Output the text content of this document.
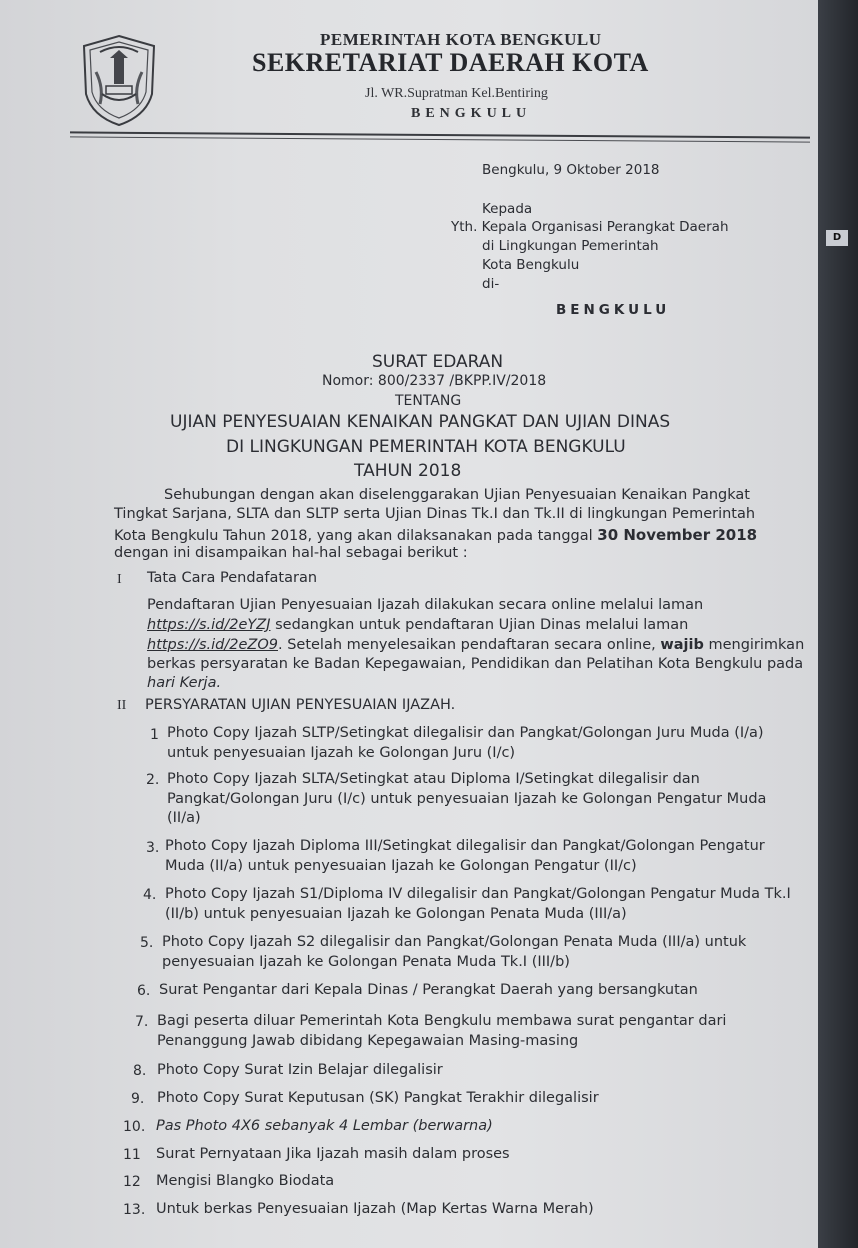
PEMERINTAH KOTA BENGKULU
SEKRETARIAT DAERAH KOTA
Jl. WR.Supratman Kel.Bentiring
BENGKULU
Bengkulu, 9 Oktober 2018
Kepada
Yth. Kepala Organisasi Perangkat Daerah
di Lingkungan Pemerintah
Kota Bengkulu
di-
BENGKULU
SURAT EDARAN
Nomor: 800/2337 /BKPP.IV/2018
TENTANG
UJIAN PENYESUAIAN KENAIKAN PANGKAT DAN UJIAN DINAS
DI LINGKUNGAN PEMERINTAH KOTA BENGKULU
TAHUN 2018
Sehubungan dengan akan diselenggarakan Ujian Penyesuaian Kenaikan Pangkat
Tingkat Sarjana, SLTA dan SLTP serta Ujian Dinas Tk.I dan Tk.II di lingkungan Pemerintah
Kota Bengkulu Tahun 2018, yang akan dilaksanakan pada tanggal 30 November 2018
dengan ini disampaikan hal-hal sebagai berikut :
I Tata Cara Pendafataran
Pendaftaran Ujian Penyesuaian Ijazah dilakukan secara online melalui laman
https://s.id/2eYZJ sedangkan untuk pendaftaran Ujian Dinas melalui laman
https://s.id/2eZO9. Setelah menyelesaikan pendaftaran secara online, wajib mengirimkan
berkas persyaratan ke Badan Kepegawaian, Pendidikan dan Pelatihan Kota Bengkulu pada
hari Kerja.
II PERSYARATAN UJIAN PENYESUAIAN IJAZAH.
1 Photo Copy Ijazah SLTP/Setingkat dilegalisir dan Pangkat/Golongan Juru Muda (I/a)
untuk penyesuaian Ijazah ke Golongan Juru (I/c)
2. Photo Copy Ijazah SLTA/Setingkat atau Diploma I/Setingkat dilegalisir dan
Pangkat/Golongan Juru (I/c) untuk penyesuaian Ijazah ke Golongan Pengatur Muda
(II/a)
3. Photo Copy Ijazah Diploma III/Setingkat dilegalisir dan Pangkat/Golongan Pengatur
Muda (II/a) untuk penyesuaian Ijazah ke Golongan Pengatur (II/c)
4. Photo Copy Ijazah S1/Diploma IV dilegalisir dan Pangkat/Golongan Pengatur Muda Tk.I
(II/b) untuk penyesuaian Ijazah ke Golongan Penata Muda (III/a)
5. Photo Copy Ijazah S2 dilegalisir dan Pangkat/Golongan Penata Muda (III/a) untuk
penyesuaian Ijazah ke Golongan Penata Muda Tk.I (III/b)
6. Surat Pengantar dari Kepala Dinas / Perangkat Daerah yang bersangkutan
7. Bagi peserta diluar Pemerintah Kota Bengkulu membawa surat pengantar dari
Penanggung Jawab dibidang Kepegawaian Masing-masing
8. Photo Copy Surat Izin Belajar dilegalisir
9. Photo Copy Surat Keputusan (SK) Pangkat Terakhir dilegalisir
10. Pas Photo 4X6 sebanyak 4 Lembar (berwarna)
11 Surat Pernyataan Jika Ijazah masih dalam proses
12 Mengisi Blangko Biodata
13. Untuk berkas Penyesuaian Ijazah (Map Kertas Warna Merah)
D
